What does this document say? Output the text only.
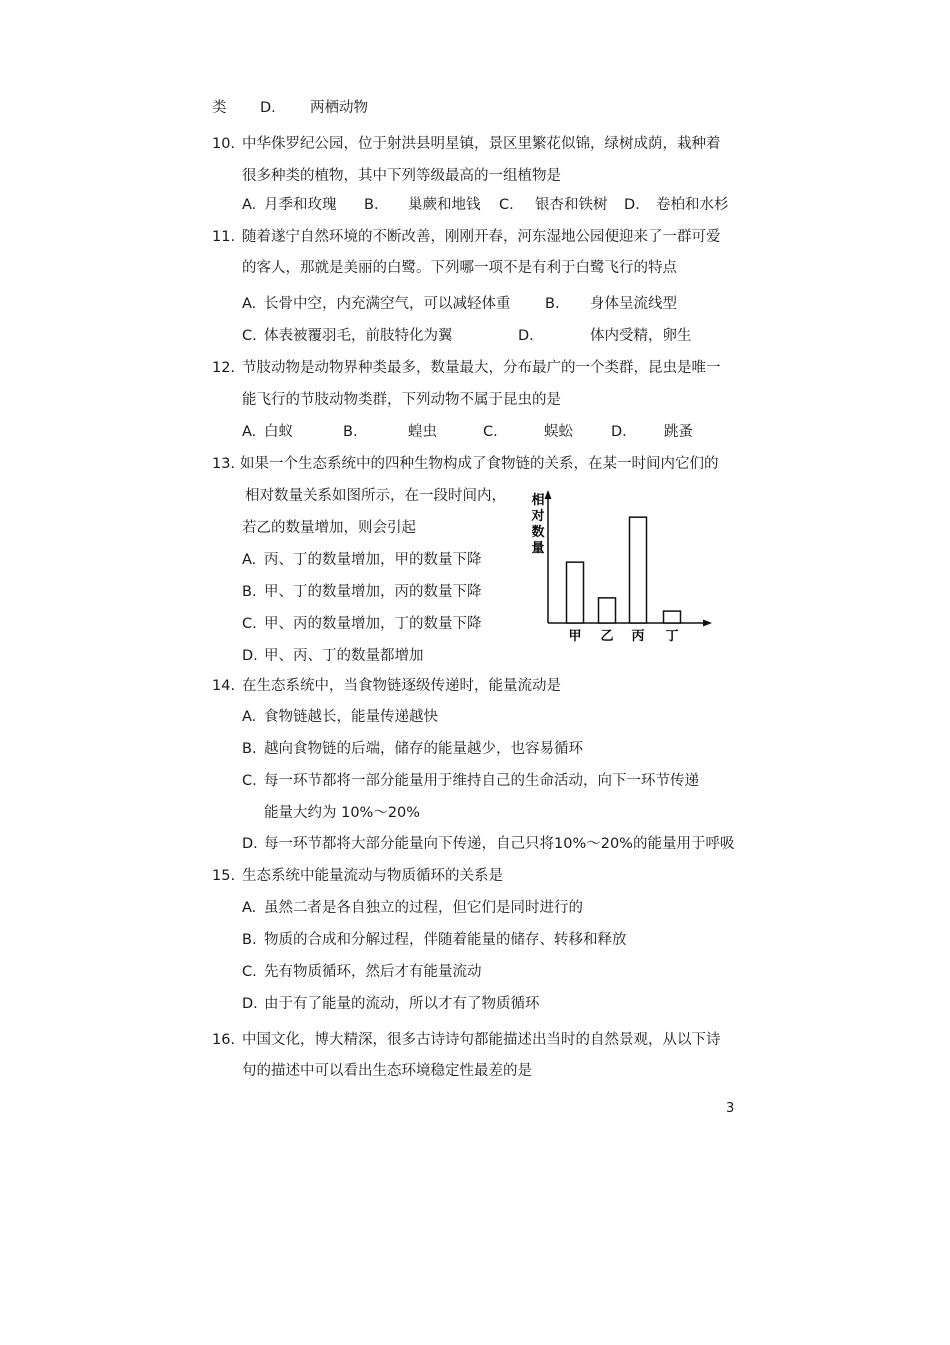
类 D. 两栖动物
10. 中华侏罗纪公园，位于射洪县明星镇，景区里繁花似锦，绿树成荫，栽种着
很多种类的植物，其中下列等级最高的一组植物是
A. 月季和玫瑰 B. 巢蕨和地钱 C. 银杏和铁树 D. 卷柏和水杉
11. 随着遂宁自然环境的不断改善，刚刚开春，河东湿地公园便迎来了一群可爱
的客人，那就是美丽的白鹭。下列哪一项不是有利于白鹭飞行的特点
A. 长骨中空，内充满空气，可以减轻体重 B. 身体呈流线型
C. 体表被覆羽毛，前肢特化为翼	D.	体内受精，卵生
12. 节肢动物是动物界种类最多，数量最大，分布最广的一个类群，昆虫是唯一
能飞行的节肢动物类群，下列动物不属于昆虫的是
A. 白蚁	B.	蝗虫	C.	蜈蚣	D.	跳蚤
13. 如果一个生态系统中的四种生物构成了食物链的关系，在某一时间内它们的
相对数量关系如图所示，在一段时间内，
若乙的数量增加，则会引起
A. 丙、丁的数量增加，甲的数量下降
B. 甲、丁的数量增加，丙的数量下降
C. 甲、丙的数量增加，丁的数量下降
D. 甲、丙、丁的数量都增加
相对数量
甲 乙 丙 丁
14. 在生态系统中，当食物链逐级传递时，能量流动是
A. 食物链越长，能量传递越快
B. 越向食物链的后端，储存的能量越少，也容易循环
C. 每一环节都将一部分能量用于维持自己的生命活动，向下一环节传递
能量大约为 10%～20%
D. 每一环节都将大部分能量向下传递，自己只将10%～20%的能量用于呼吸
15. 生态系统中能量流动与物质循环的关系是
A. 虽然二者是各自独立的过程，但它们是同时进行的
B. 物质的合成和分解过程，伴随着能量的储存、转移和释放
C. 先有物质循环，然后才有能量流动
D. 由于有了能量的流动，所以才有了物质循环
16. 中国文化，博大精深，很多古诗诗句都能描述出当时的自然景观，从以下诗
句的描述中可以看出生态环境稳定性最差的是
3
